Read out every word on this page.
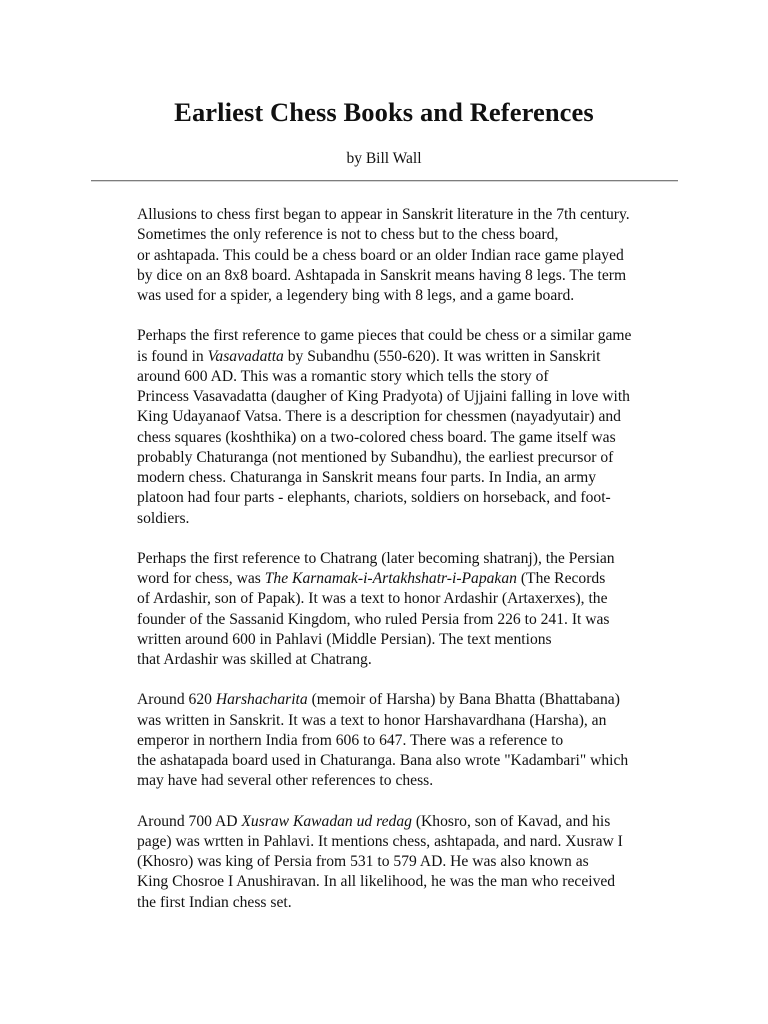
Earliest Chess Books and References
by Bill Wall

Allusions to chess first began to appear in Sanskrit literature in the 7th century.
Sometimes the only reference is not to chess but to the chess board,
or ashtapada. This could be a chess board or an older Indian race game played
by dice on an 8x8 board. Ashtapada in Sanskrit means having 8 legs. The term
was used for a spider, a legendery bing with 8 legs, and a game board.

Perhaps the first reference to game pieces that could be chess or a similar game
is found in Vasavadatta by Subandhu (550-620). It was written in Sanskrit
around 600 AD. This was a romantic story which tells the story of
Princess Vasavadatta (daugher of King Pradyota) of Ujjaini falling in love with
King Udayanaof Vatsa. There is a description for chessmen (nayadyutair) and
chess squares (koshthika) on a two-colored chess board. The game itself was
probably Chaturanga (not mentioned by Subandhu), the earliest precursor of
modern chess. Chaturanga in Sanskrit means four parts. In India, an army
platoon had four parts - elephants, chariots, soldiers on horseback, and foot-
soldiers.

Perhaps the first reference to Chatrang (later becoming shatranj), the Persian
word for chess, was The Karnamak-i-Artakhshatr-i-Papakan (The Records
of Ardashir, son of Papak). It was a text to honor Ardashir (Artaxerxes), the
founder of the Sassanid Kingdom, who ruled Persia from 226 to 241. It was
written around 600 in Pahlavi (Middle Persian). The text mentions
that Ardashir was skilled at Chatrang.

Around 620 Harshacharita (memoir of Harsha) by Bana Bhatta (Bhattabana)
was written in Sanskrit. It was a text to honor Harshavardhana (Harsha), an
emperor in northern India from 606 to 647. There was a reference to
the ashatapada board used in Chaturanga. Bana also wrote "Kadambari" which
may have had several other references to chess.

Around 700 AD Xusraw Kawadan ud redag (Khosro, son of Kavad, and his
page) was wrtten in Pahlavi. It mentions chess, ashtapada, and nard. Xusraw I
(Khosro) was king of Persia from 531 to 579 AD. He was also known as
King Chosroe I Anushiravan. In all likelihood, he was the man who received
the first Indian chess set.
